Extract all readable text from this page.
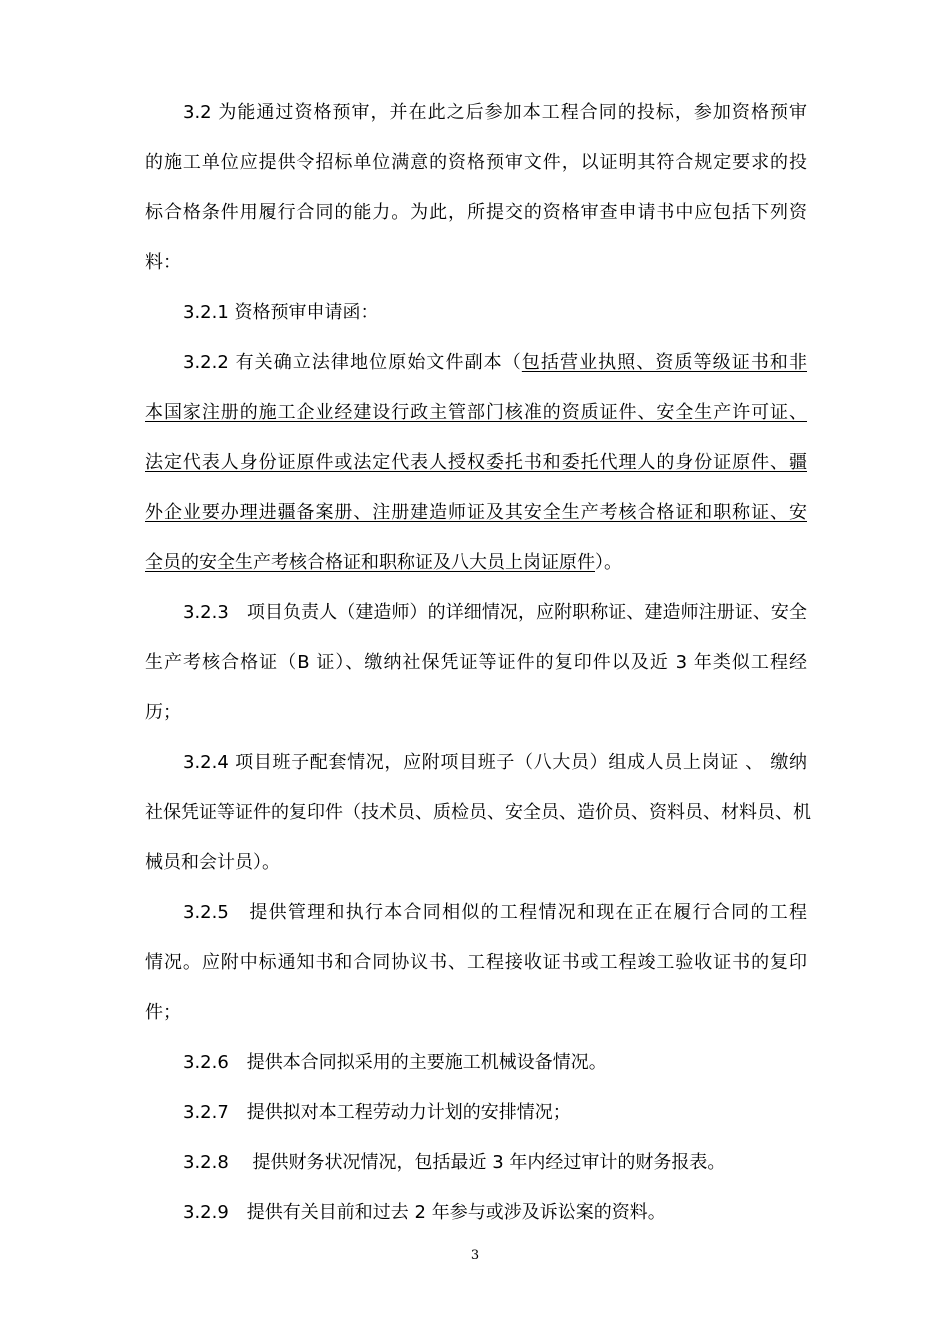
3.2 为能通过资格预审，并在此之后参加本工程合同的投标，参加资格预审
的施工单位应提供令招标单位满意的资格预审文件，以证明其符合规定要求的投
标合格条件用履行合同的能力。为此，所提交的资格审查申请书中应包括下列资
料：
3.2.1 资格预审申请函：
3.2.2 有关确立法律地位原始文件副本（包括营业执照、资质等级证书和非
本国家注册的施工企业经建设行政主管部门核准的资质证件、安全生产许可证、
法定代表人身份证原件或法定代表人授权委托书和委托代理人的身份证原件、疆
外企业要办理进疆备案册、注册建造师证及其安全生产考核合格证和职称证、安
全员的安全生产考核合格证和职称证及八大员上岗证原件）。
3.2.3　项目负责人（建造师）的详细情况，应附职称证、建造师注册证、安全
生产考核合格证（B 证）、缴纳社保凭证等证件的复印件以及近 3 年类似工程经
历；
3.2.4 项目班子配套情况，应附项目班子（八大员）组成人员上岗证 、 缴纳
社保凭证等证件的复印件（技术员、质检员、安全员、造价员、资料员、材料员、机
械员和会计员）。
3.2.5　提供管理和执行本合同相似的工程情况和现在正在履行合同的工程
情况。应附中标通知书和合同协议书、工程接收证书或工程竣工验收证书的复印
件；
3.2.6　提供本合同拟采用的主要施工机械设备情况。
3.2.7　提供拟对本工程劳动力计划的安排情况；
3.2.8　 提供财务状况情况，包括最近 3 年内经过审计的财务报表。
3.2.9　提供有关目前和过去 2 年参与或涉及诉讼案的资料。
3
